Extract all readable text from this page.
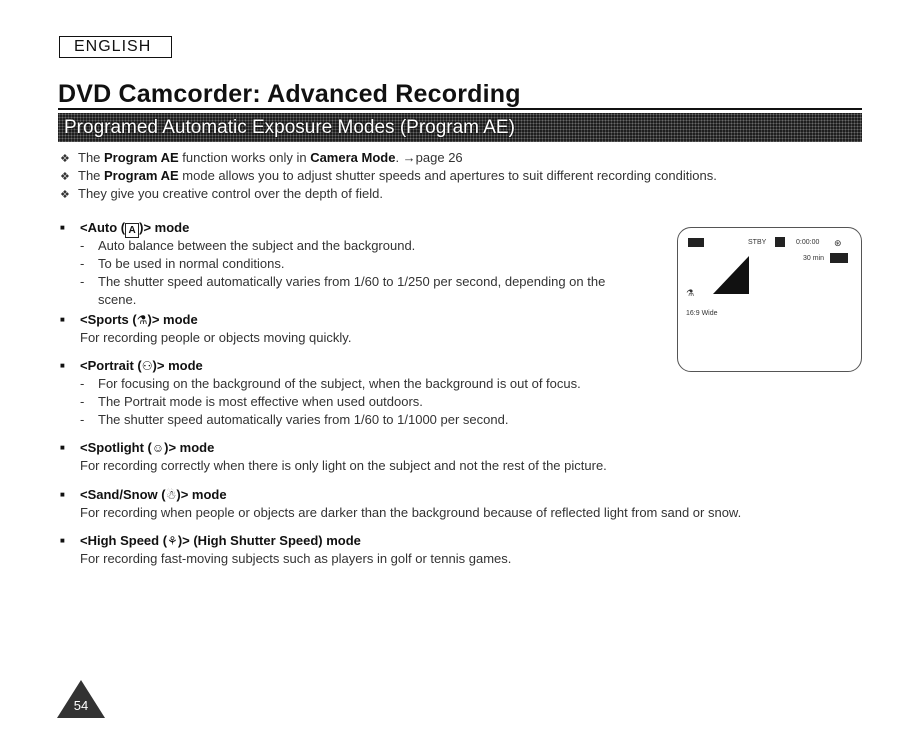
ENGLISH
DVD Camcorder: Advanced Recording
Programed Automatic Exposure Modes (Program AE)
❖ The Program AE function works only in Camera Mode. →page 26
❖ The Program AE mode allows you to adjust shutter speeds and apertures to suit different recording conditions.
❖ They give you creative control over the depth of field.
■ <Auto ( A )> mode
- Auto balance between the subject and the background.
- To be used in normal conditions.
- The shutter speed automatically varies from 1/60 to 1/250 per second, depending on the
scene.
■ <Sports (⚗)> mode
For recording people or objects moving quickly.
■ <Portrait (⚇)> mode
- For focusing on the background of the subject, when the background is out of focus.
- The Portrait mode is most effective when used outdoors.
- The shutter speed automatically varies from 1/60 to 1/1000 per second.
■ <Spotlight (☺)> mode
For recording correctly when there is only light on the subject and not the rest of the picture.
■ <Sand/Snow (☃)> mode
For recording when people or objects are darker than the background because of reflected light from sand or snow.
■ <High Speed (⚘)> (High Shutter Speed) mode
For recording fast-moving subjects such as players in golf or tennis games.
STBY	0:00:00 ⊛
30 min
⚗
16:9 Wide
54
